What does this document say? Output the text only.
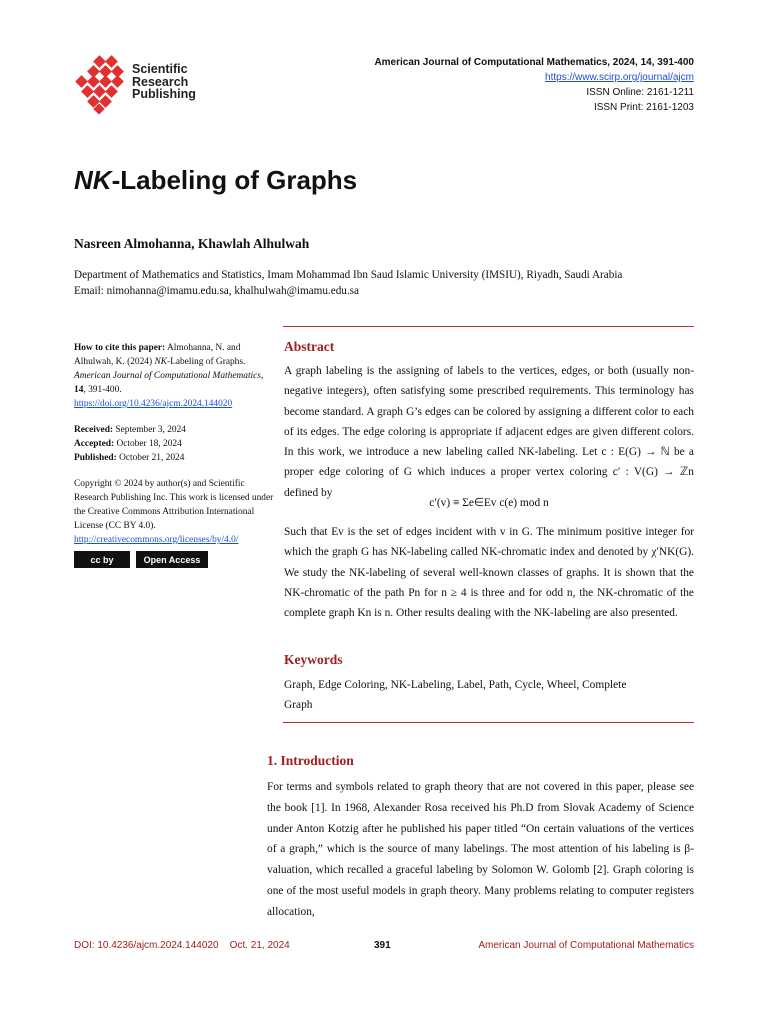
Scientific
Research
Publishing
American Journal of Computational Mathematics, 2024, 14, 391-400
https://www.scirp.org/journal/ajcm
ISSN Online: 2161-1211
ISSN Print: 2161-1203
NK-Labeling of Graphs
Nasreen Almohanna, Khawlah Alhulwah
Department of Mathematics and Statistics, Imam Mohammad Ibn Saud Islamic University (IMSIU), Riyadh, Saudi Arabia
Email: nimohanna@imamu.edu.sa, khalhulwah@imamu.edu.sa
How to cite this paper: Almohanna, N. and Alhulwah, K. (2024) NK-Labeling of Graphs. American Journal of Computational Mathematics, 14, 391-400.
https://doi.org/10.4236/ajcm.2024.144020
Received: September 3, 2024
Accepted: October 18, 2024
Published: October 21, 2024
Copyright © 2024 by author(s) and Scientific Research Publishing Inc. This work is licensed under the Creative Commons Attribution International License (CC BY 4.0).
http://creativecommons.org/licenses/by/4.0/
cc by	Open Access
Abstract
A graph labeling is the assigning of labels to the vertices, edges, or both (usually non-negative integers), often satisfying some prescribed requirements. This terminology has become standard. A graph G’s edges can be colored by assigning a different color to each of its edges. The edge coloring is appropriate if adjacent edges are given different colors. In this work, we introduce a new labeling called NK-labeling. Let c : E(G) → ℕ be a proper edge coloring of G which induces a proper vertex coloring c′ : V(G) → ℤn defined by
c′(v) ≡ Σe∈Ev c(e) mod n
Such that Ev is the set of edges incident with v in G. The minimum positive integer for which the graph G has NK-labeling called NK-chromatic index and denoted by χ′NK(G). We study the NK-labeling of several well-known classes of graphs. It is shown that the NK-chromatic of the path Pn for n ≥ 4 is three and for odd n, the NK-chromatic of the complete graph Kn is n. Other results dealing with the NK-labeling are also presented.
Keywords
Graph, Edge Coloring, NK-Labeling, Label, Path, Cycle, Wheel, Complete Graph
1. Introduction
For terms and symbols related to graph theory that are not covered in this paper, please see the book [1]. In 1968, Alexander Rosa received his Ph.D from Slovak Academy of Science under Anton Kotzig after he published his paper titled “On certain valuations of the vertices of a graph,” which is the source of many labelings. The most attention of his labeling is β-valuation, which recalled a graceful labeling by Solomon W. Golomb [2]. Graph coloring is one of the most useful models in graph theory. Many problems relating to computer registers allocation,
DOI: 10.4236/ajcm.2024.144020 Oct. 21, 2024	391	American Journal of Computational Mathematics
